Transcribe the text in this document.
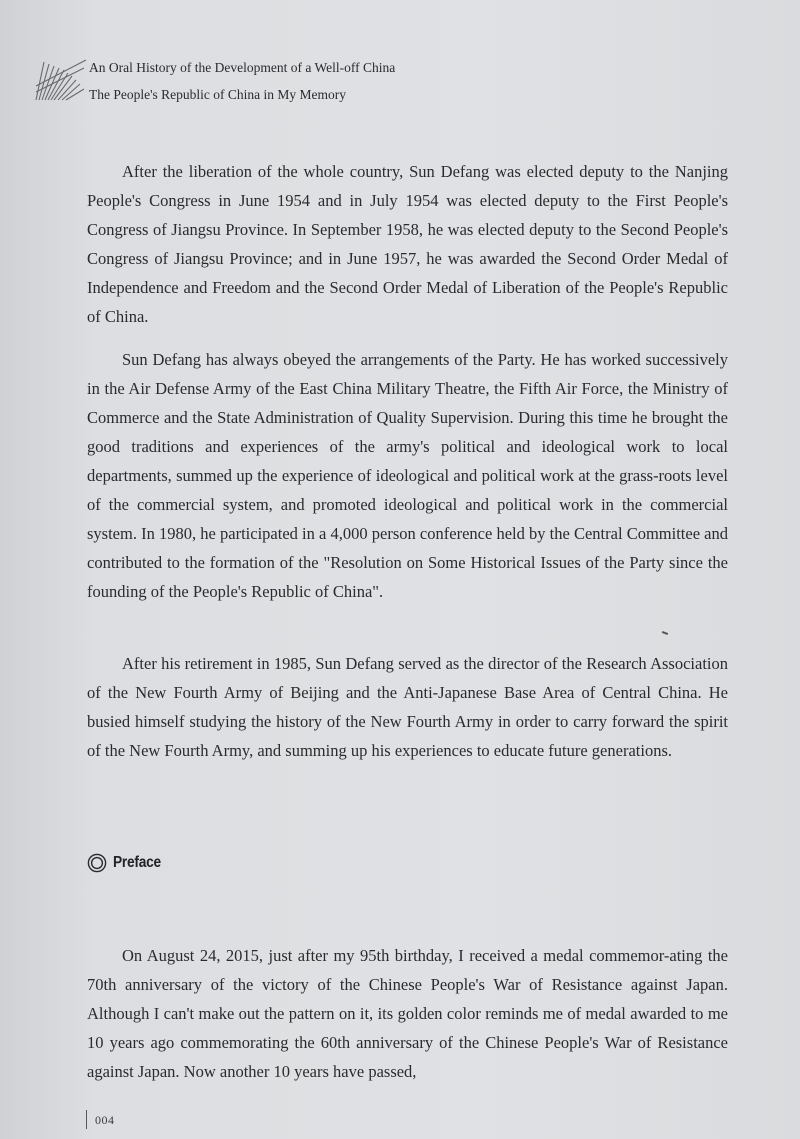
An Oral History of the Development of a Well-off China
The People's Republic of China in My Memory

After the liberation of the whole country, Sun Defang was elected deputy to the Nanjing People's Congress in June 1954 and in July 1954 was elected deputy to the First People's Congress of Jiangsu Province. In September 1958, he was elected deputy to the Second People's Congress of Jiangsu Province; and in June 1957, he was awarded the Second Order Medal of Independence and Freedom and the Second Order Medal of Liberation of the People's Republic of China.

Sun Defang has always obeyed the arrangements of the Party. He has worked successively in the Air Defense Army of the East China Military Theatre, the Fifth Air Force, the Ministry of Commerce and the State Administration of Quality Supervision. During this time he brought the good traditions and experiences of the army's political and ideological work to local departments, summed up the experience of ideological and political work at the grass-roots level of the commercial system, and promoted ideological and political work in the commercial system. In 1980, he participated in a 4,000 person conference held by the Central Committee and contributed to the formation of the "Resolution on Some Historical Issues of the Party since the founding of the People's Republic of China".

After his retirement in 1985, Sun Defang served as the director of the Research Association of the New Fourth Army of Beijing and the Anti-Japanese Base Area of Central China. He busied himself studying the history of the New Fourth Army in order to carry forward the spirit of the New Fourth Army, and summing up his experiences to educate future generations.

Preface

On August 24, 2015, just after my 95th birthday, I received a medal commemor-ating the 70th anniversary of the victory of the Chinese People's War of Resistance against Japan. Although I can't make out the pattern on it, its golden color reminds me of medal awarded to me 10 years ago commemorating the 60th anniversary of the Chinese People's War of Resistance against Japan. Now another 10 years have passed,

004
